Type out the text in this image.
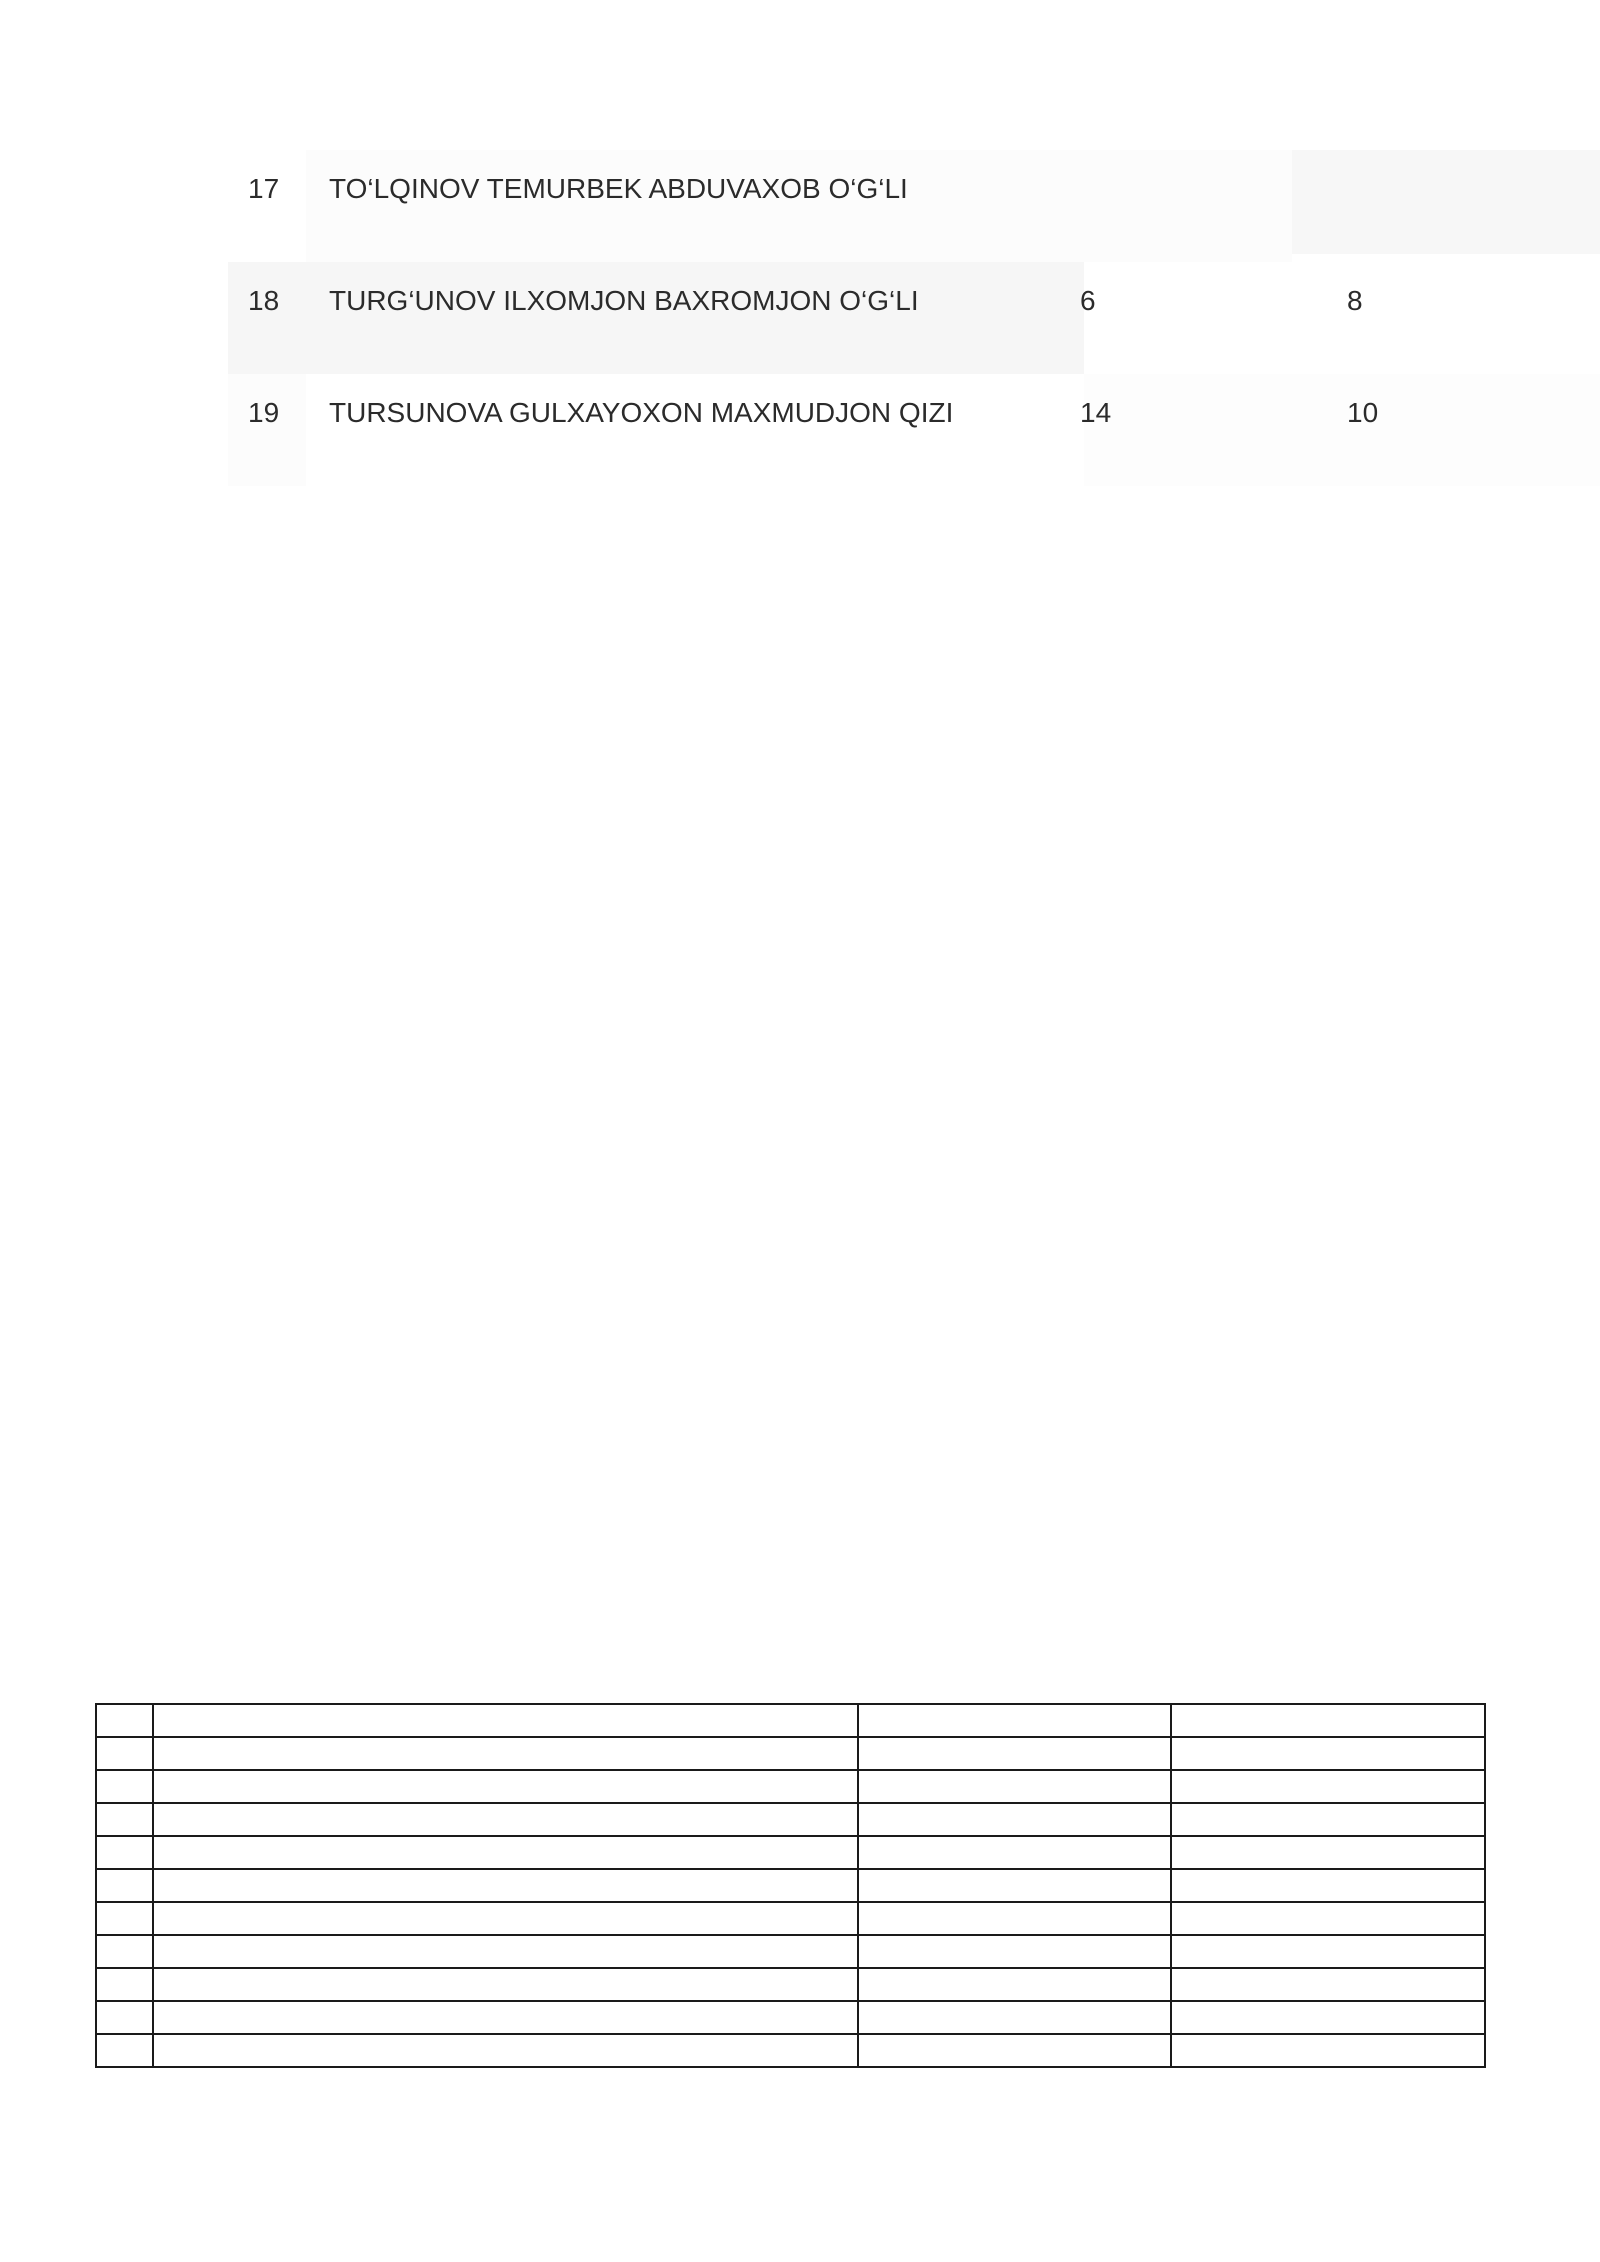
17 TO‘LQINOV TEMURBEK ABDUVAXOB O‘G‘LI
18 TURG‘UNOV ILXOMJON BAXROMJON O‘G‘LI	6	8
19 TURSUNOVA GULXAYOXON MAXMUDJON QIZI	14	10
